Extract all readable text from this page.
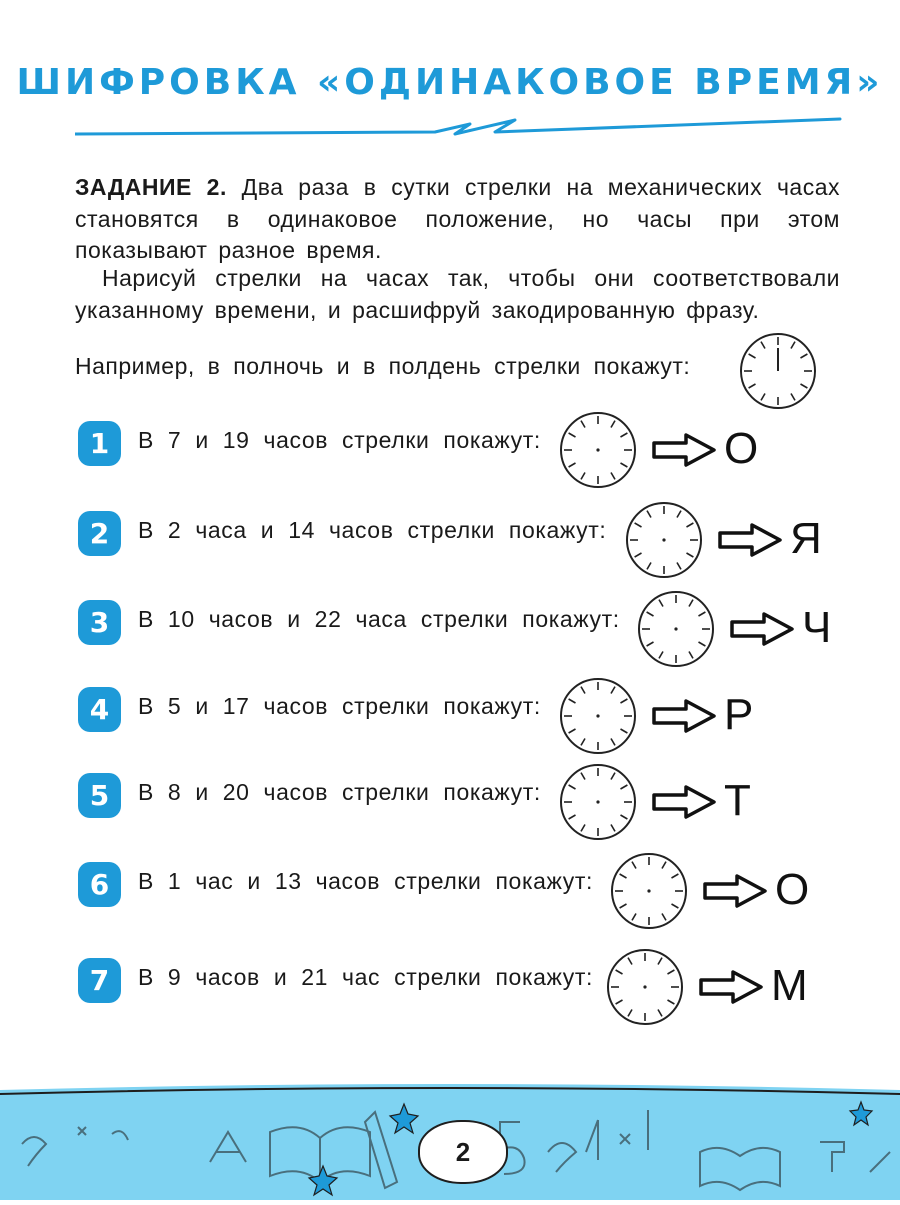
ШИФРОВКА «ОДИНАКОВОЕ ВРЕМЯ»
ЗАДАНИЕ 2. Два раза в сутки стрелки на механических часах становятся в одинаковое положение, но часы при этом показывают разное время.
Нарисуй стрелки на часах так, чтобы они соответствовали указанному времени, и расшифруй закодированную фразу.
Например, в полночь и в полдень стрелки покажут:
1	В 7 и 19 часов стрелки покажут:	О
2	В 2 часа и 14 часов стрелки покажут:	Я
3	В 10 часов и 22 часа стрелки покажут:	Ч
4	В 5 и 17 часов стрелки покажут:	Р
5	В 8 и 20 часов стрелки покажут:	Т
6	В 1 час и 13 часов стрелки покажут:	О
7	В 9 часов и 21 час стрелки покажут:	М
2
